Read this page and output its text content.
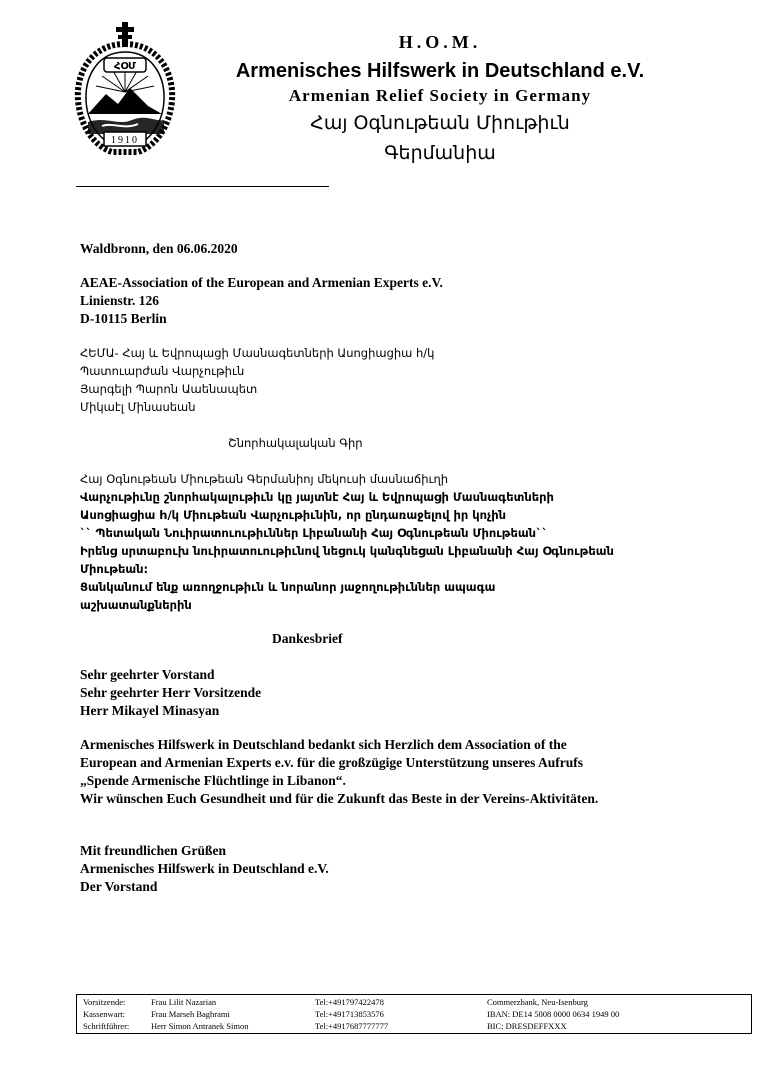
ՀՕՄ
1910
H.O.M.
Armenisches Hilfswerk in Deutschland e.V.
Armenian Relief Society in Germany
Հայ Օգնութեան Միութիւն
Գերմանիա
Waldbronn, den 06.06.2020
AEAE-Association of the European and Armenian Experts e.V.
Linienstr. 126
D-10115 Berlin
ՀԵՄԱ- Հայ և Եվրոպացի Մասնագետների Ասոցիացիա h/կ
Պատուարժան Վարչութիւն
Յարգելի Պարոն Աաենապետ
Միկաէլ Մինասեան
Շնորհակալական Գիր
Հայ Օգնութեան Միութեան Գերմանիոյ մեկուսի մասնաճիւղի
Վարչութիւնը շնորհակալութիւն կը յայտնէ Հայ և Եվրոպացի Մասնագետների
Ասոցիացիա h/կ Միութեան Վարչութիւնին, որ ընդառաջելով իր կոչին
`` Պետական Նուիրատուութիւններ Լիբանանի Հայ Օգնութեան Միութեան``
Իրենց սրտաբուխ նուիրատուութիւնով նեցուկ կանգնեցան Լիբանանի Հայ Օգնութեան
Միութեան:
Ցանկանում ենք առողջութիւն և նորանոր յաջողութիւններ ապագա
աշխատանքներին
Dankesbrief
Sehr geehrter Vorstand
Sehr geehrter Herr Vorsitzende
Herr Mikayel Minasyan
Armenisches Hilfswerk in Deutschland bedankt sich Herzlich dem Association of the
European and Armenian Experts e.v. für die großzügige Unterstützung unseres Aufrufs
„Spende Armenische Flüchtlinge in Libanon“.
Wir wünschen Euch Gesundheit und für die Zukunft das Beste in der Vereins-Aktivitäten.
Mit freundlichen Grüßen
Armenisches Hilfswerk in Deutschland e.V.
Der Vorstand
Vorsitzende:
Kassenwart:
Schriftführer:
Frau Lilit Nazarian
Frau Marseh Baghrami
Herr Simon Antranek Simon
Tel:+491797422478
Tel:+491713853576
Tel:+4917687777777
Commerzbank, Neu-Isenburg
IBAN: DE14 5008 0000 0634 1949 00
BIC: DRESDEFFXXX
